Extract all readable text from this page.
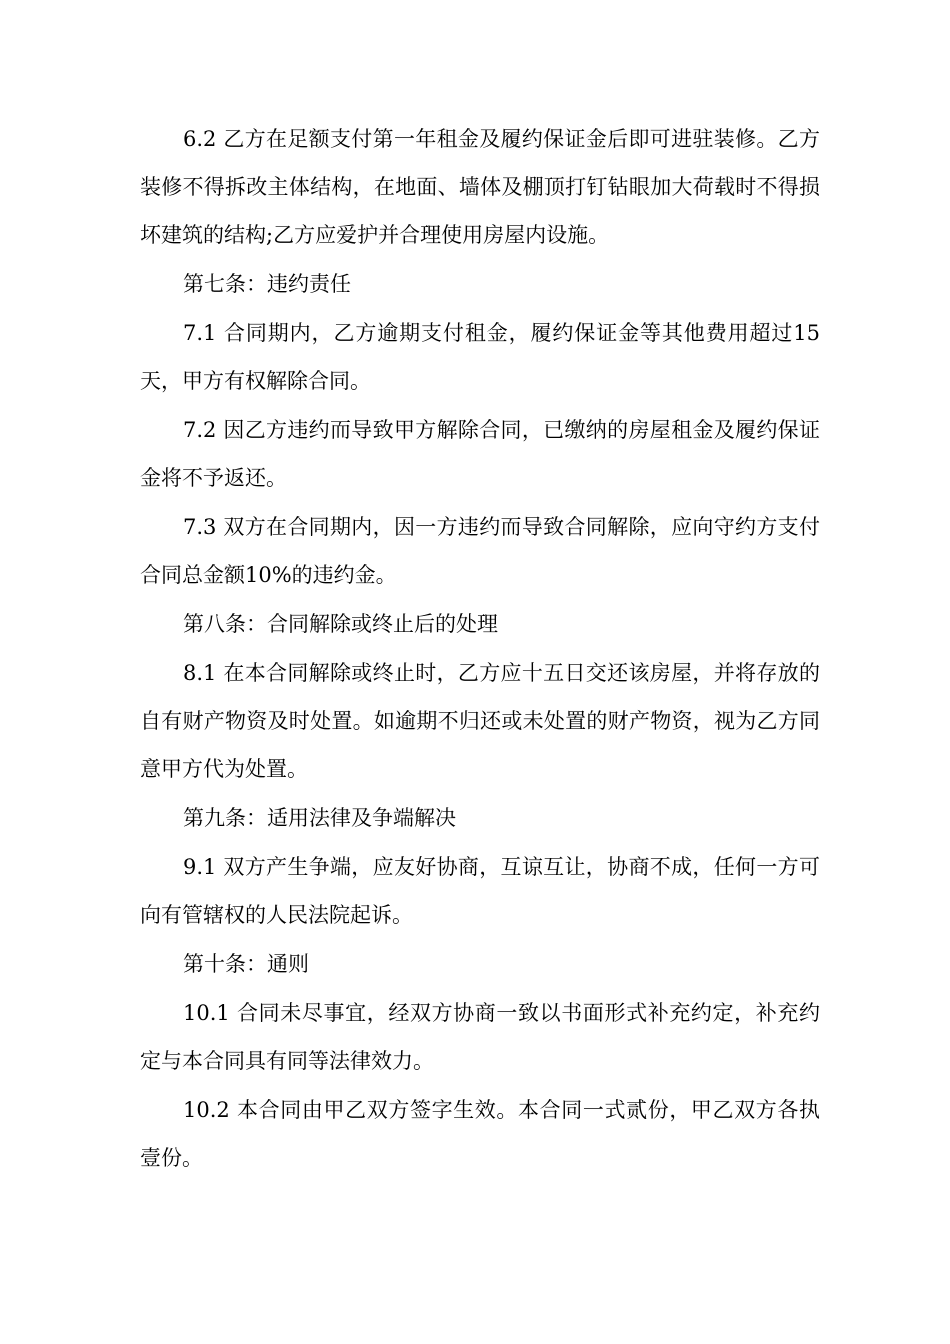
6.2 乙方在足额支付第一年租金及履约保证金后即可进驻装修。乙方装修不得拆改主体结构，在地面、墙体及棚顶打钉钻眼加大荷载时不得损坏建筑的结构;乙方应爱护并合理使用房屋内设施。

第七条：违约责任

7.1 合同期内，乙方逾期支付租金，履约保证金等其他费用超过15天，甲方有权解除合同。

7.2 因乙方违约而导致甲方解除合同，已缴纳的房屋租金及履约保证金将不予返还。

7.3 双方在合同期内，因一方违约而导致合同解除，应向守约方支付合同总金额10%的违约金。

第八条：合同解除或终止后的处理

8.1 在本合同解除或终止时，乙方应十五日交还该房屋，并将存放的自有财产物资及时处置。如逾期不归还或未处置的财产物资，视为乙方同意甲方代为处置。

第九条：适用法律及争端解决

9.1 双方产生争端，应友好协商，互谅互让，协商不成，任何一方可向有管辖权的人民法院起诉。

第十条：通则

10.1 合同未尽事宜，经双方协商一致以书面形式补充约定，补充约定与本合同具有同等法律效力。

10.2 本合同由甲乙双方签字生效。本合同一式贰份，甲乙双方各执壹份。
